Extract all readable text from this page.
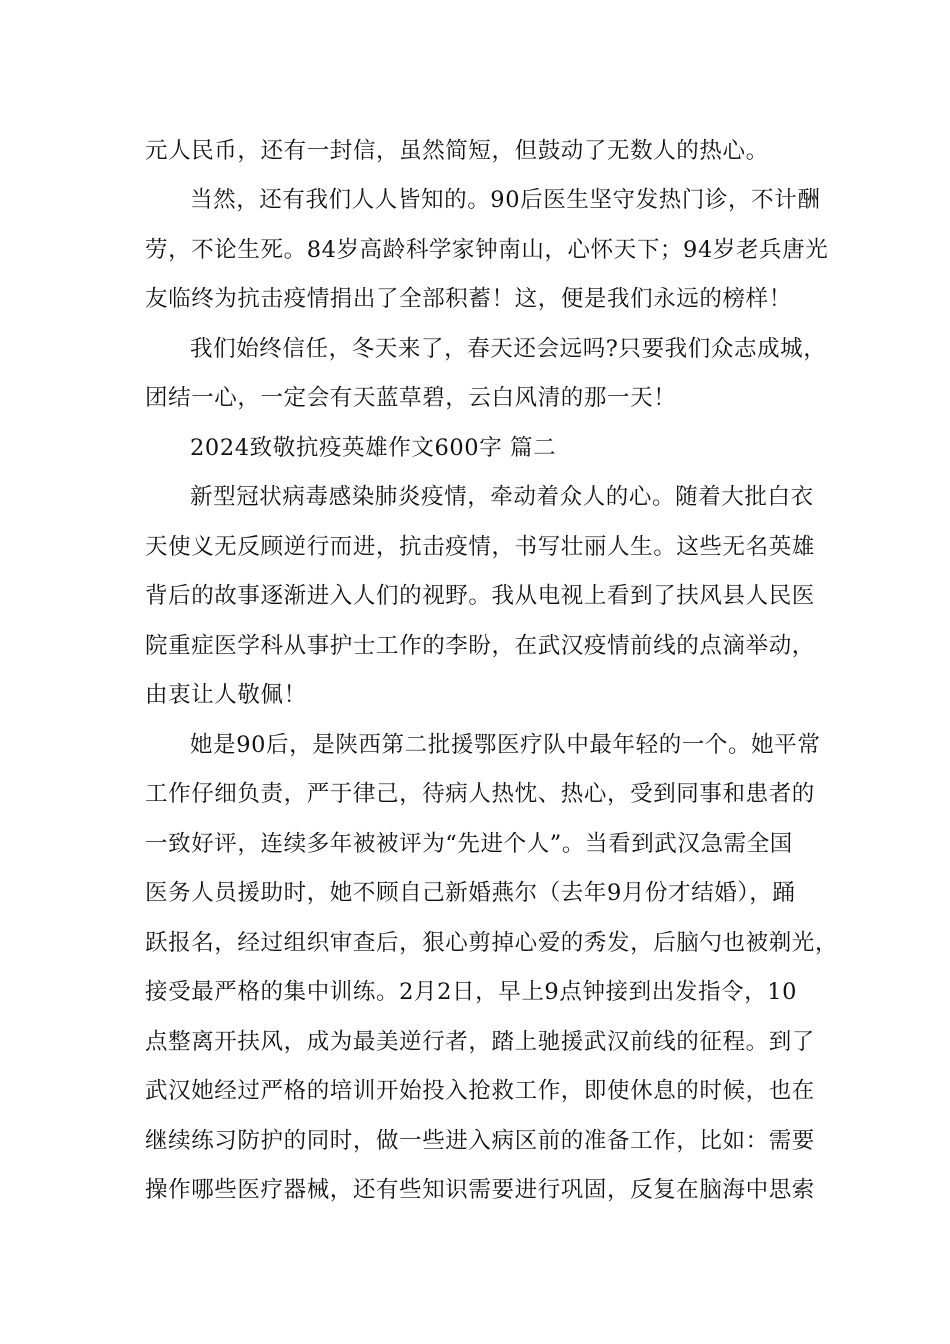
元人民币，还有一封信，虽然简短，但鼓动了无数人的热心。
当然，还有我们人人皆知的。90后医生坚守发热门诊，不计酬
劳，不论生死。84岁高龄科学家钟南山，心怀天下；94岁老兵唐光
友临终为抗击疫情捐出了全部积蓄！这，便是我们永远的榜样！
我们始终信任，冬天来了，春天还会远吗?只要我们众志成城，
团结一心，一定会有天蓝草碧，云白风清的那一天！
2024致敬抗疫英雄作文600字 篇二
新型冠状病毒感染肺炎疫情，牵动着众人的心。随着大批白衣
天使义无反顾逆行而进，抗击疫情，书写壮丽人生。这些无名英雄
背后的故事逐渐进入人们的视野。我从电视上看到了扶风县人民医
院重症医学科从事护士工作的李盼，在武汉疫情前线的点滴举动，
由衷让人敬佩！
她是90后，是陕西第二批援鄂医疗队中最年轻的一个。她平常
工作仔细负责，严于律己，待病人热忱、热心，受到同事和患者的
一致好评，连续多年被被评为“先进个人”。当看到武汉急需全国
医务人员援助时，她不顾自己新婚燕尔（去年9月份才结婚），踊
跃报名，经过组织审查后，狠心剪掉心爱的秀发，后脑勺也被剃光，
接受最严格的集中训练。2月2日，早上9点钟接到出发指令，10
点整离开扶风，成为最美逆行者，踏上驰援武汉前线的征程。到了
武汉她经过严格的培训开始投入抢救工作，即使休息的时候，也在
继续练习防护的同时，做一些进入病区前的准备工作，比如：需要
操作哪些医疗器械，还有些知识需要进行巩固，反复在脑海中思索
